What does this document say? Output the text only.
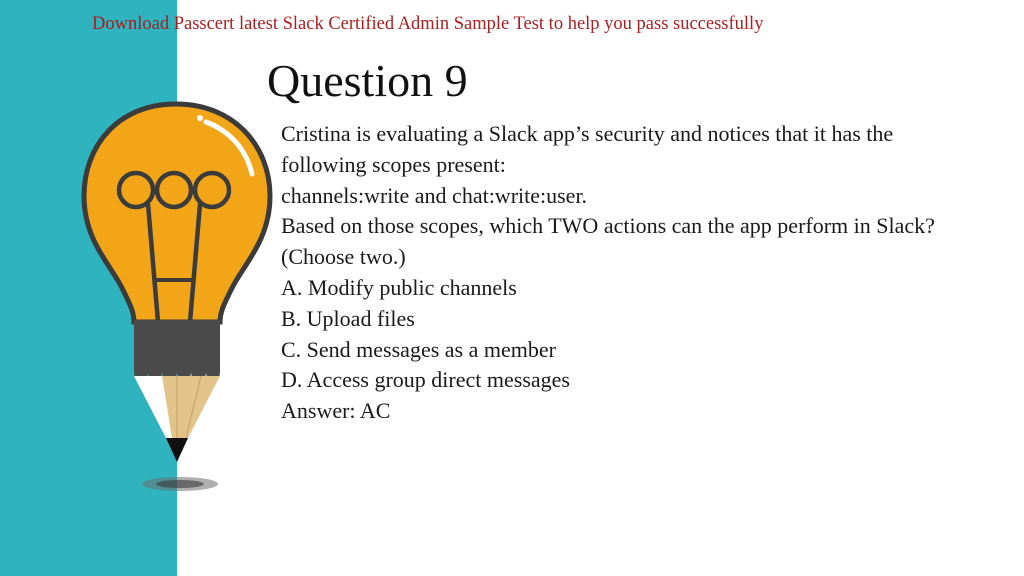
Download Passcert latest Slack Certified Admin Sample Test to help you pass successfully
Question 9
Cristina is evaluating a Slack app’s security and notices that it has the
following scopes present:
channels:write and chat:write:user.
Based on those scopes, which TWO actions can the app perform in Slack?
(Choose two.)
A. Modify public channels
B. Upload files
C. Send messages as a member
D. Access group direct messages
Answer: AC
